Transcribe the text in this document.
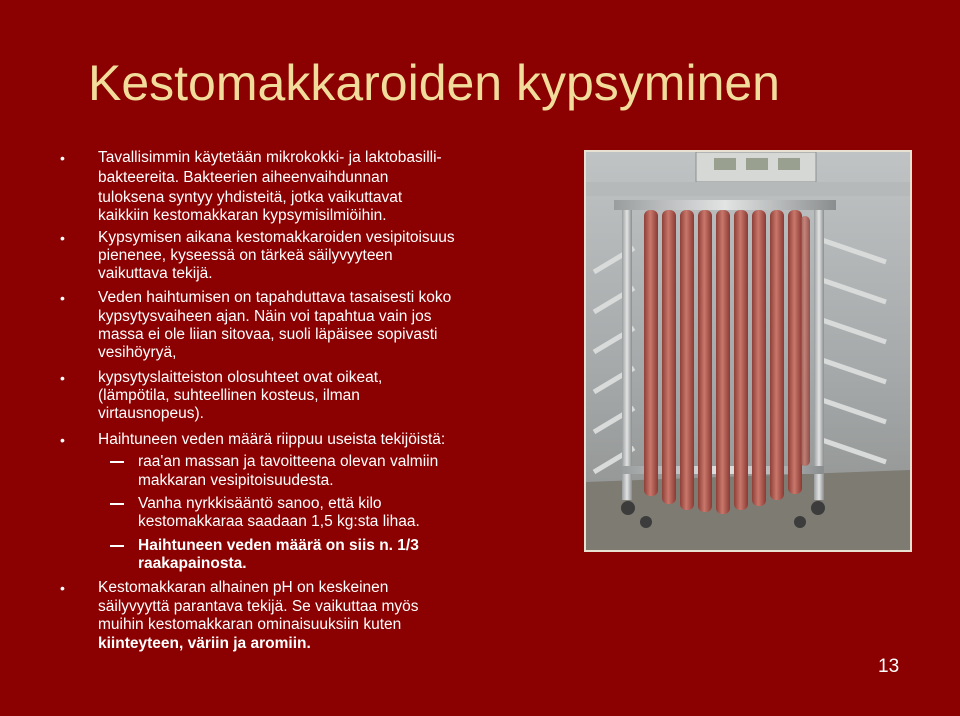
Kestomakkaroiden kypsyminen
•
•
•
•
•
•
Tavallisimmin käytetään mikrokokki- ja laktobasilli-
bakteereita. Bakteerien aiheenvaihdunnan
tuloksena syntyy yhdisteitä, jotka vaikuttavat
kaikkiin kestomakkaran kypsymisilmiöihin.
Kypsymisen aikana kestomakkaroiden vesipitoisuus
pienenee, kyseessä on tärkeä säilyvyyteen
vaikuttava tekijä.
Veden haihtumisen on tapahduttava tasaisesti koko
kypsytysvaiheen ajan. Näin voi tapahtua vain jos
massa ei ole liian sitovaa, suoli läpäisee sopivasti
vesihöyryä,
kypsytyslaitteiston olosuhteet ovat oikeat,
(lämpötila, suhteellinen kosteus, ilman
virtausnopeus).
Haihtuneen veden määrä riippuu useista tekijöistä:
raa'an massan ja tavoitteena olevan valmiin
makkaran vesipitoisuudesta.
Vanha nyrkkisääntö sanoo, että kilo
kestomakkaraa saadaan 1,5 kg:sta lihaa.
Haihtuneen veden määrä on siis n. 1/3
raakapainosta.
Kestomakkaran alhainen pH on keskeinen
säilyvyyttä parantava tekijä. Se vaikuttaa myös
muihin kestomakkaran ominaisuuksiin kuten
kiinteyteen, väriin ja aromiin.
13
